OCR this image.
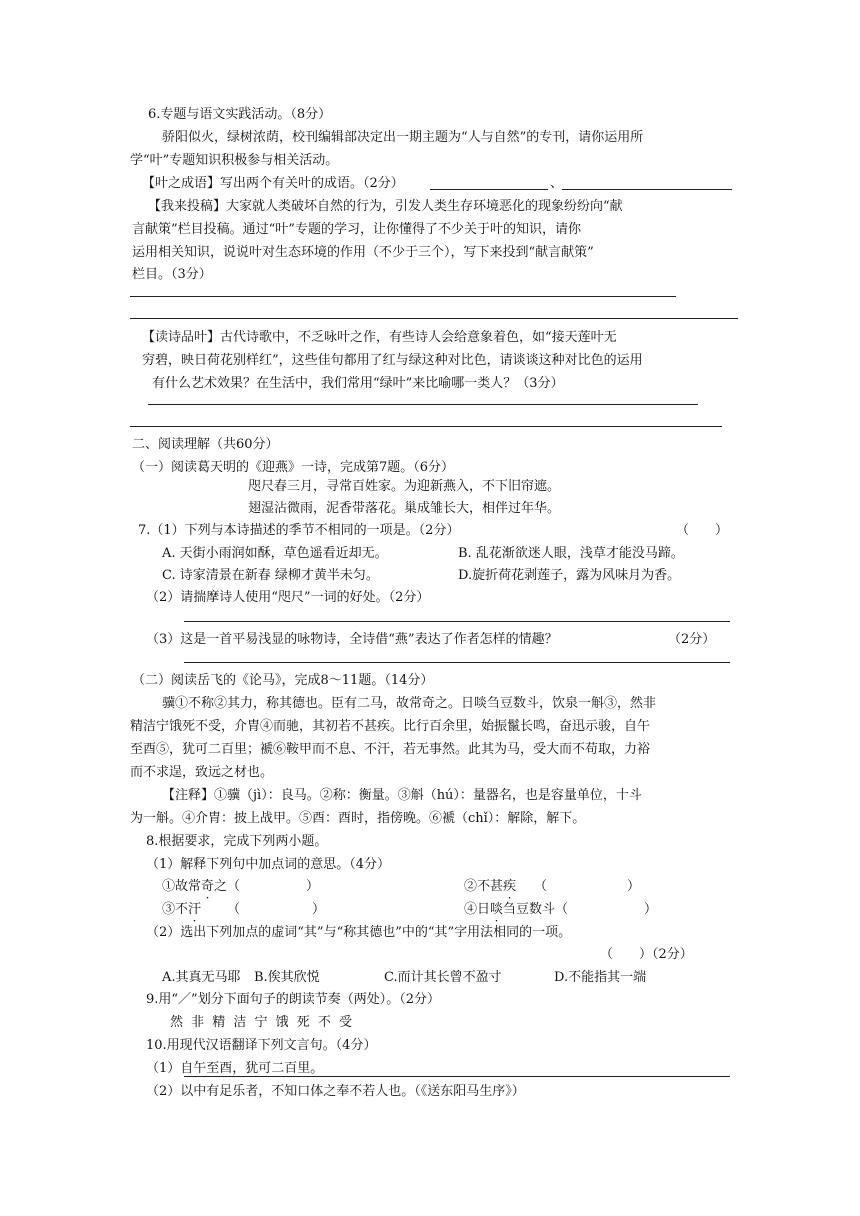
6.专题与语文实践活动。（8分）
骄阳似火，绿树浓荫，校刊编辑部决定出一期主题为“人与自然”的专刊，请你运用所
学“叶”专题知识积极参与相关活动。
【叶之成语】写出两个有关叶的成语。（2分）	、
【我来投稿】大家就人类破坏自然的行为，引发人类生存环境恶化的现象纷纷向“献
言献策”栏目投稿。通过“叶”专题的学习，让你懂得了不少关于叶的知识，请你
运用相关知识，说说叶对生态环境的作用（不少于三个），写下来投到“献言献策”
栏目。（3分）
【读诗品叶】古代诗歌中，不乏咏叶之作，有些诗人会给意象着色，如“接天莲叶无
穷碧，映日荷花别样红”，这些佳句都用了红与绿这种对比色，请谈谈这种对比色的运用
有什么艺术效果？在生活中，我们常用“绿叶”来比喻哪一类人？（3分）
二、阅读理解（共60分）
（一）阅读葛天明的《迎燕》一诗，完成第7题。（6分）
咫尺春三月，寻常百姓家。为迎新燕入，不下旧帘遮。
翅湿沾微雨，泥香带落花。巢成雏长大，相伴过年华。
7.（1）下列与本诗描述的季节不相同的一项是。（2分）	（　　）
A. 天街小雨润如酥，草色遥看近却无。	B. 乱花渐欲迷人眼，浅草才能没马蹄。
C. 诗家清景在新春 绿柳才黄半未匀。	D.旋折荷花剥莲子，露为风味月为香。
（2）请揣摩诗人使用“咫尺”一词的好处。（2分）
（3）这是一首平易浅显的咏物诗，全诗借“燕”表达了作者怎样的情趣？	（2分）
（二）阅读岳飞的《论马》，完成8～11题。（14分）
骥①不称②其力，称其德也。臣有二马，故常奇之。日啖刍豆数斗，饮泉一斛③，然非
精洁宁饿死不受，介胄④而驰，其初若不甚疾。比行百余里，始振鬣长鸣，奋迅示骏，自午
至酉⑤，犹可二百里；褫⑥鞍甲而不息、不汗，若无事然。此其为马，受大而不苟取，力裕
而不求逞，致远之材也。
【注释】①骥（jì）：良马。②称：衡量。③斛（hú）：量器名，也是容量单位，十斗
为一斛。④介胄：披上战甲。⑤酉：酉时，指傍晚。⑥褫（chǐ）：解除，解下。
8.根据要求，完成下列两小题。
（1）解释下列句中加点词的意思。（4分）
①故常奇之（	）	②不甚疾 （	）
③不汗 （	）	④日啖刍豆数斗（	）
（2）选出下列加点的虚词“其”与“称其德也”中的“其”字用法相同的一项。
（　　）（2分）
A.其真无马耶 B.俟其欣悦	C.而计其长曾不盈寸	D.不能指其一端
9.用“／”划分下面句子的朗读节奏（两处）。（2分）
然 非 精 洁 宁 饿 死 不 受
10.用现代汉语翻译下列文言句。（4分）
（1）自午至酉，犹可二百里。
（2）以中有足乐者，不知口体之奉不若人也。（《送东阳马生序》）
